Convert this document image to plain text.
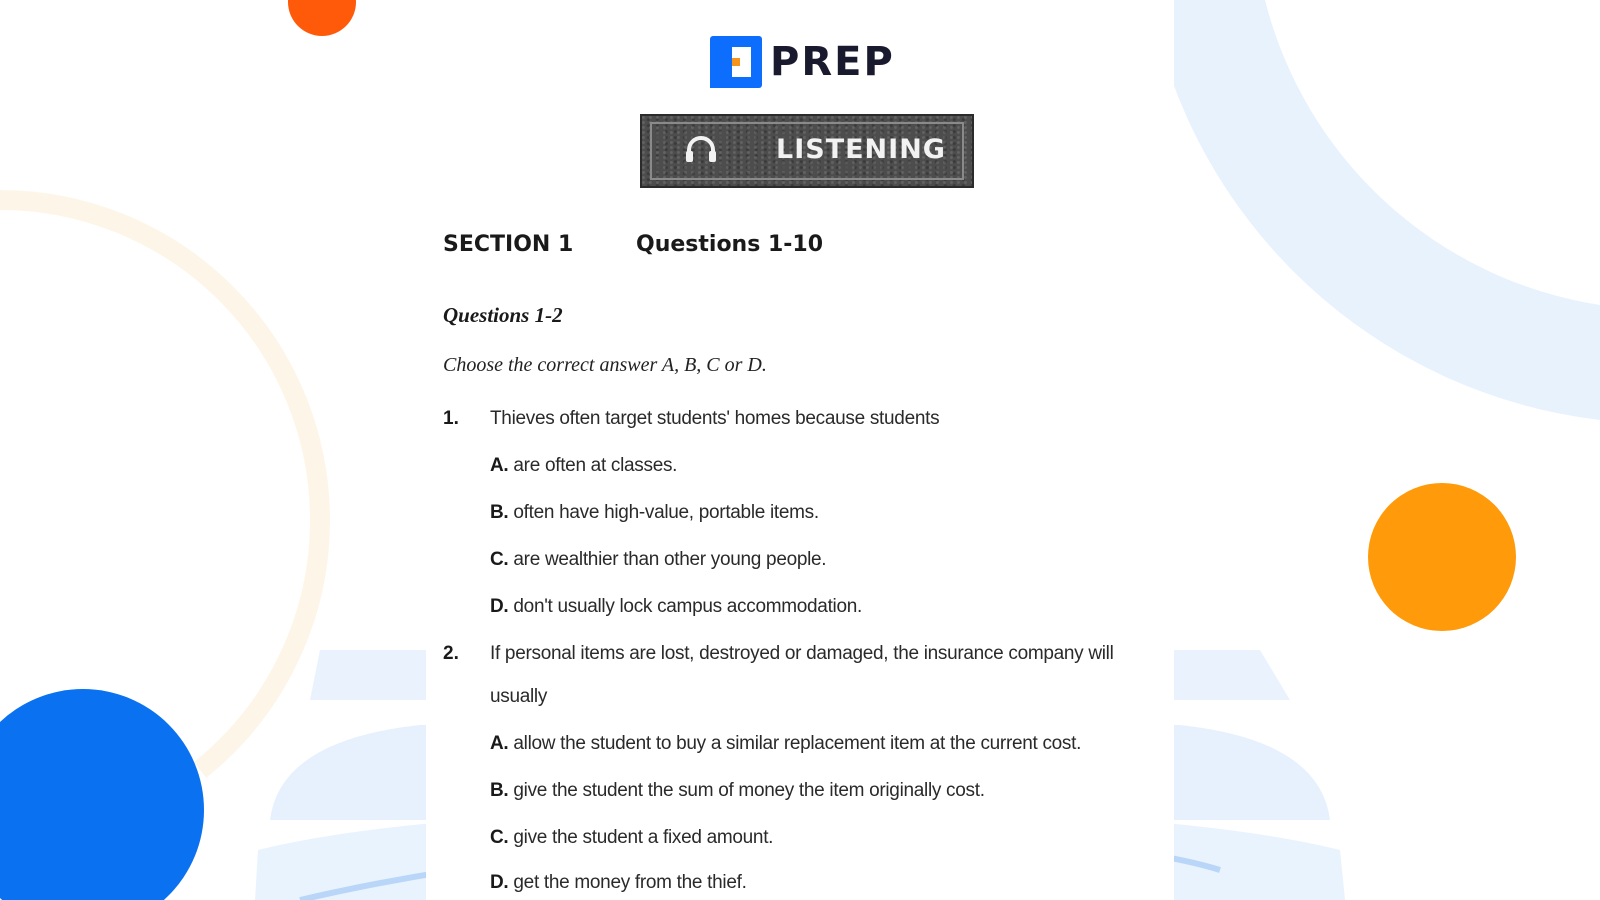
PREP
LISTENING
SECTION 1	Questions 1-10
Questions 1-2
Choose the correct answer A, B, C or D.
1. Thieves often target students' homes because students
A. are often at classes.
B. often have high-value, portable items.
C. are wealthier than other young people.
D. don't usually lock campus accommodation.
2. If personal items are lost, destroyed or damaged, the insurance company will
usually
A. allow the student to buy a similar replacement item at the current cost.
B. give the student the sum of money the item originally cost.
C. give the student a fixed amount.
D. get the money from the thief.
